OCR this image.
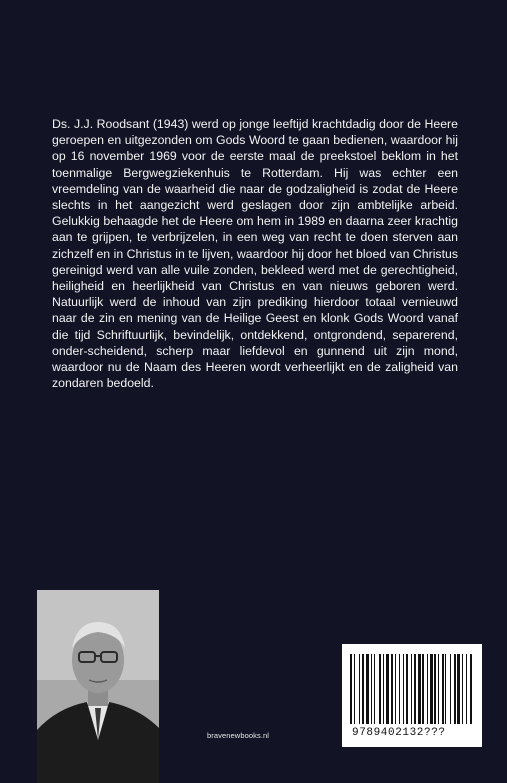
Ds. J.J. Roodsant (1943) werd op jonge leeftijd krachtdadig door de Heere geroepen en uitgezonden om Gods Woord te gaan bedienen, waardoor hij op 16 november 1969 voor de eerste maal de preekstoel beklom in het toenmalige Bergwegziekenhuis te Rotterdam. Hij was echter een vreemdeling van de waarheid die naar de godzaligheid is zodat de Heere slechts in het aangezicht werd geslagen door zijn ambtelijke arbeid. Gelukkig behaagde het de Heere om hem in 1989 en daarna zeer krachtig aan te grijpen, te verbrijzelen, in een weg van recht te doen sterven aan zichzelf en in Christus in te lijven, waardoor hij door het bloed van Christus gereinigd werd van alle vuile zonden, bekleed werd met de gerechtigheid, heiligheid en heerlijkheid van Christus en van nieuws geboren werd. Natuurlijk werd de inhoud van zijn prediking hierdoor totaal vernieuwd naar de zin en mening van de Heilige Geest en klonk Gods Woord vanaf die tijd Schriftuurlijk, bevindelijk, ontdekkend, ontgrondend, separerend, onder-scheidend, scherp maar liefdevol en gunnend uit zijn mond, waardoor nu de Naam des Heeren wordt verheerlijkt en de zaligheid van zondaren bedoeld.

bravenewbooks.nl	9789402132???
